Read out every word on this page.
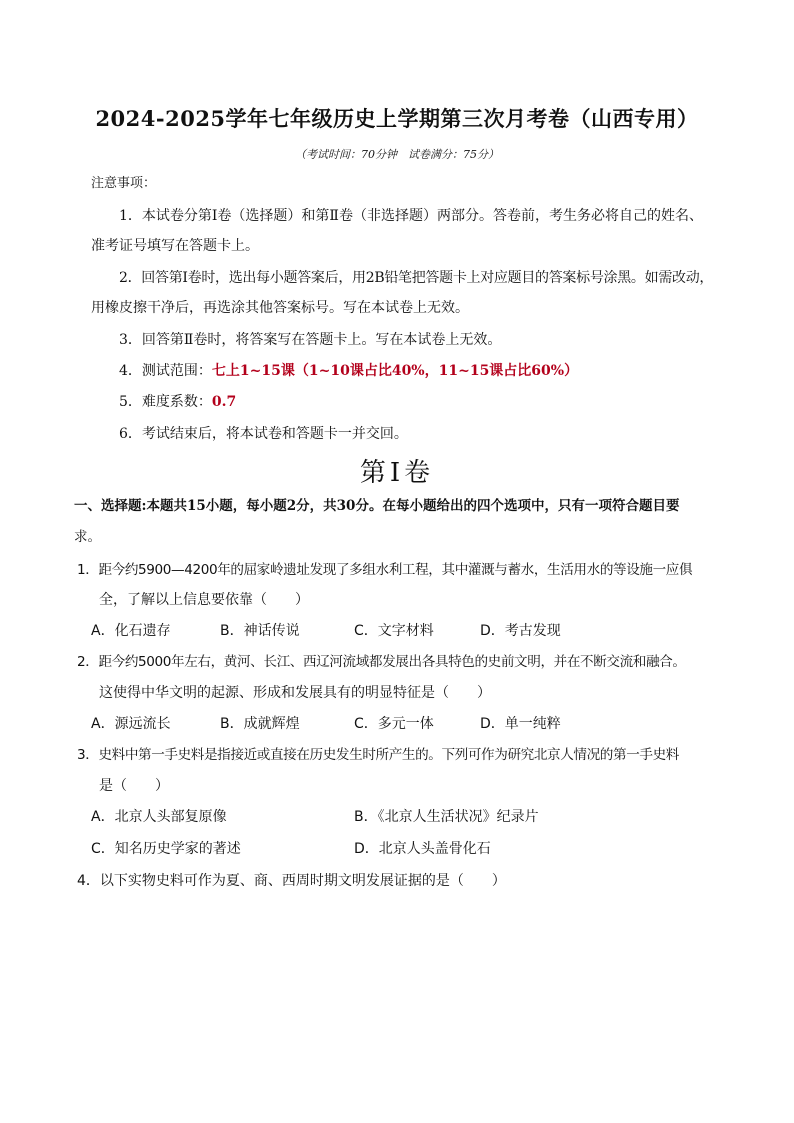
2024-2025学年七年级历史上学期第三次月考卷（山西专用）
（考试时间：70分钟　试卷满分：75分）
注意事项：
1．本试卷分第Ⅰ卷（选择题）和第Ⅱ卷（非选择题）两部分。答卷前，考生务必将自己的姓名、
准考证号填写在答题卡上。
2．回答第Ⅰ卷时，选出每小题答案后，用2B铅笔把答题卡上对应题目的答案标号涂黑。如需改动，
用橡皮擦干净后，再选涂其他答案标号。写在本试卷上无效。
3．回答第Ⅱ卷时，将答案写在答题卡上。写在本试卷上无效。
4．测试范围：七上1~15课（1~10课占比40%，11~15课占比60%）
5．难度系数：0.7
6．考试结束后，将本试卷和答题卡一并交回。
第Ⅰ卷
一、选择题:本题共15小题，每小题2分，共30分。在每小题给出的四个选项中，只有一项符合题目要
求。
1．距今约5900—4200年的屈家岭遗址发现了多组水利工程，其中灌溉与蓄水，生活用水的等设施一应俱
全，了解以上信息要依靠（　　）
A．化石遗存	B．神话传说	C．文字材料	D．考古发现
2．距今约5000年左右，黄河、长江、西辽河流域都发展出各具特色的史前文明，并在不断交流和融合。
这使得中华文明的起源、形成和发展具有的明显特征是（　　）
A．源远流长	B．成就辉煌	C．多元一体	D．单一纯粹
3．史料中第一手史料是指接近或直接在历史发生时所产生的。下列可作为研究北京人情况的第一手史料
是（　　）
A．北京人头部复原像	B．《北京人生活状况》纪录片
C．知名历史学家的著述	D．北京人头盖骨化石
4．以下实物史料可作为夏、商、西周时期文明发展证据的是（　　）
